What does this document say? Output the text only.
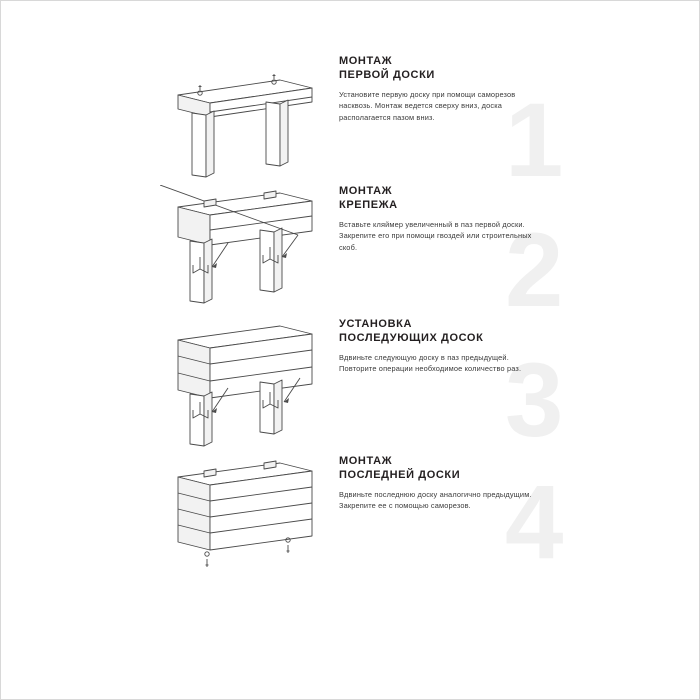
1
МОНТАЖ
ПЕРВОЙ ДОСКИ

Установите первую доску при помощи саморезов насквозь. Монтаж ведется сверху вниз, доска располагается пазом вниз.

2
МОНТАЖ
КРЕПЕЖА

Вставьте кляймер увеличенный в паз первой доски. Закрепите его при помощи гвоздей или строительных скоб.

3
УСТАНОВКА
ПОСЛЕДУЮЩИХ ДОСОК

Вдвиньте следующую доску в паз предыдущей. Повторите операции необходимое количество раз.

4
МОНТАЖ
ПОСЛЕДНЕЙ ДОСКИ

Вдвиньте последнюю доску аналогично предыдущим. Закрепите ее с помощью саморезов.
